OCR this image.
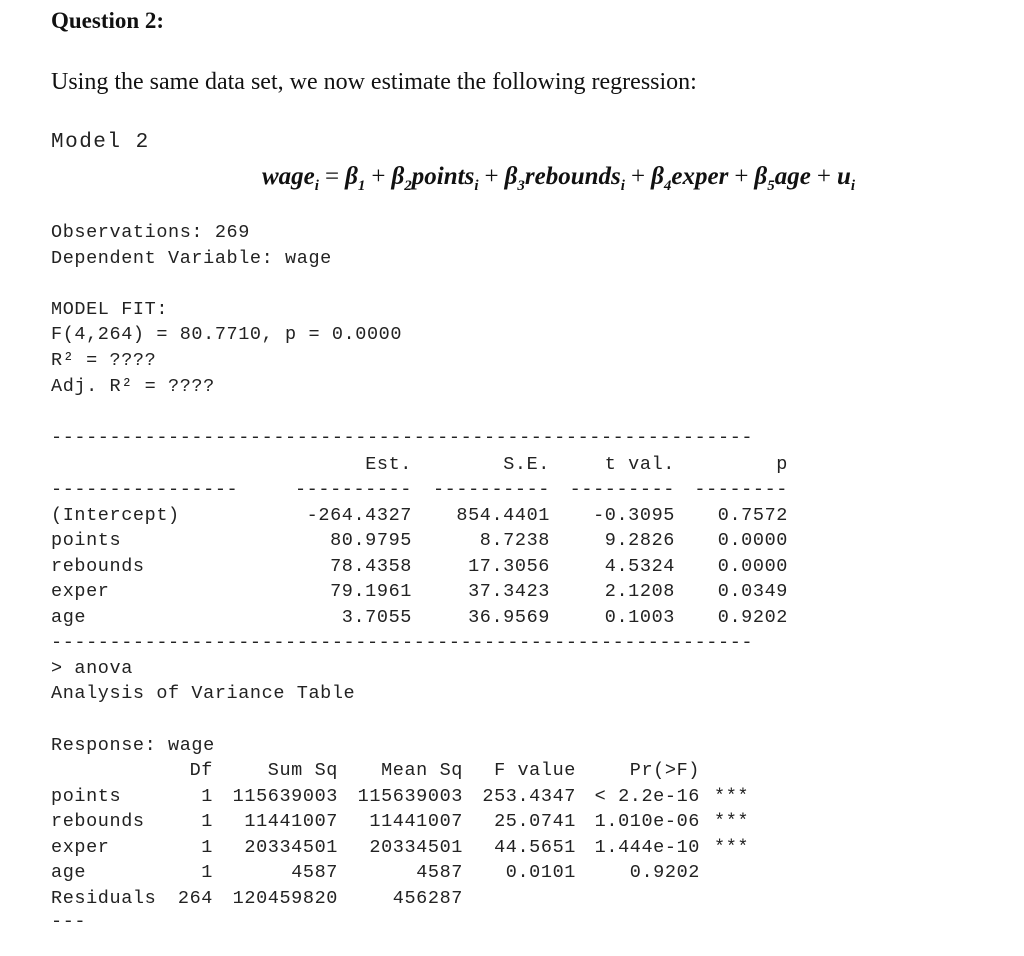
Question 2:
Using the same data set, we now estimate the following regression:
Model 2
wage$_i$ = $\beta_1$ + $\beta_2points_i$ + $\beta_3rebounds_i$ + $\beta_4exper + \beta_5age + u_i$
Observations: 269
Dependent Variable: wage
MODEL FIT:
F(4,264) = 80.7710, p = 0.0000
R² = ????
Adj. R² = ????
------------------------------------------------------------
Est.	S.E.	t val.	p
----------------	---------- ---------- --------- --------
(Intercept)	-264.4327 854.4401 -0.3095 0.7572
points	80.9795	8.7238	9.2826 0.0000
rebounds	78.4358	17.3056	4.5324 0.0000
exper	79.1961	37.3423	2.1208 0.0349
age	3.7055	36.9569	0.1003 0.9202
------------------------------------------------------------
> anova
Analysis of Variance Table
Response: wage
Df	Sum Sq Mean Sq F value	Pr(>F)
points	1 115639003 115639003 253.4347 < 2.2e-16 ***
rebounds	1 11441007 11441007 25.0741 1.010e-06 ***
exper	1 20334501 20334501 44.5651 1.444e-10 ***
age	1	4587	4587 0.0101	0.9202
Residuals 264 120459820	456287
---
